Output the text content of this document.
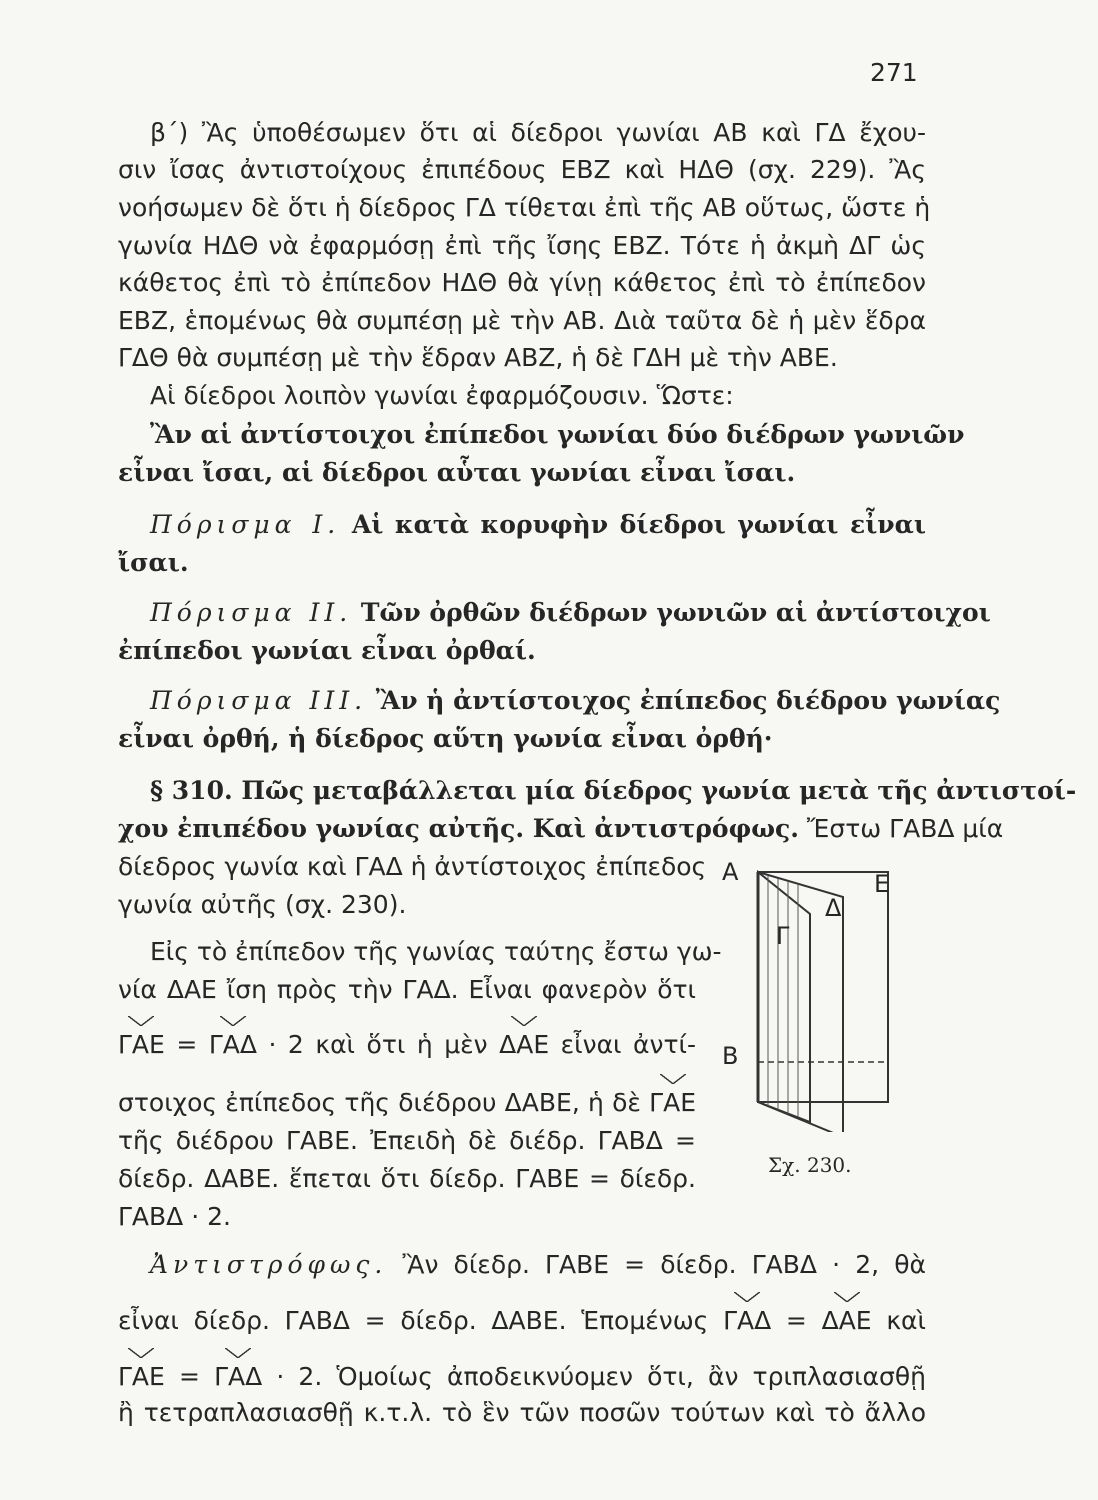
271
β΄) Ἂς ὑποθέσωμεν ὅτι αἱ δίεδροι γωνίαι ΑΒ καὶ ΓΔ ἔχου-
σιν ἴσας ἀντιστοίχους ἐπιπέδους ΕΒΖ καὶ ΗΔΘ (σχ. 229). Ἂς
νοήσωμεν δὲ ὅτι ἡ δίεδρος ΓΔ τίθεται ἐπὶ τῆς ΑΒ οὕτως, ὥστε ἡ
γωνία ΗΔΘ νὰ ἐφαρμόσῃ ἐπὶ τῆς ἴσης ΕΒΖ. Τότε ἡ ἀκμὴ ΔΓ ὡς
κάθετος ἐπὶ τὸ ἐπίπεδον ΗΔΘ θὰ γίνῃ κάθετος ἐπὶ τὸ ἐπίπεδον
ΕΒΖ, ἑπομένως θὰ συμπέσῃ μὲ τὴν ΑΒ. Διὰ ταῦτα δὲ ἡ μὲν ἕδρα
ΓΔΘ θὰ συμπέσῃ μὲ τὴν ἕδραν ΑΒΖ, ἡ δὲ ΓΔΗ μὲ τὴν ΑΒΕ.
Αἱ δίεδροι λοιπὸν γωνίαι ἐφαρμόζουσιν. Ὥστε:
Ἂν αἱ ἀντίστοιχοι ἐπίπεδοι γωνίαι δύο διέδρων γωνιῶν
εἶναι ἴσαι, αἱ δίεδροι αὗται γωνίαι εἶναι ἴσαι.
Πόρισμα Ι. Αἱ κατὰ κορυφὴν δίεδροι γωνίαι εἶναι
ἴσαι.
Πόρισμα ΙΙ. Τῶν ὀρθῶν διέδρων γωνιῶν αἱ ἀντίστοιχοι
ἐπίπεδοι γωνίαι εἶναι ὀρθαί.
Πόρισμα ΙΙΙ. Ἂν ἡ ἀντίστοιχος ἐπίπεδος διέδρου γωνίας
εἶναι ὀρθή, ἡ δίεδρος αὕτη γωνία εἶναι ὀρθή·
§ 310. Πῶς μεταβάλλεται μία δίεδρος γωνία μετὰ τῆς ἀντιστοί-
χου ἐπιπέδου γωνίας αὐτῆς. Καὶ ἀντιστρόφως. Ἔστω ΓΑΒΔ μία
δίεδρος γωνία καὶ ΓΑΔ ἡ ἀντίστοιχος ἐπίπεδος
γωνία αὐτῆς (σχ. 230).
Εἰς τὸ ἐπίπεδον τῆς γωνίας ταύτης ἔστω γω-
νία ΔΑΕ ἴση πρὸς τὴν ΓΑΔ. Εἶναι φανερὸν ὅτι
ΓΑΕ = ΓΑΔ · 2 καὶ ὅτι ἡ μὲν ΔΑΕ εἶναι ἀντί-
στοιχος ἐπίπεδος τῆς διέδρου ΔΑΒΕ, ἡ δὲ ΓΑΕ
τῆς διέδρου ΓΑΒΕ. Ἐπειδὴ δὲ διέδρ. ΓΑΒΔ =
δίεδρ. ΔΑΒΕ. ἕπεται ὅτι δίεδρ. ΓΑΒΕ = δίεδρ.
ΓΑΒΔ · 2.
Ἀντιστρόφως. Ἂν δίεδρ. ΓΑΒΕ = δίεδρ. ΓΑΒΔ · 2, θὰ
εἶναι δίεδρ. ΓΑΒΔ = δίεδρ. ΔΑΒΕ. Ἑπομένως ΓΑΔ = ΔΑΕ καὶ
ΓΑΕ = ΓΑΔ · 2. Ὁμοίως ἀποδεικνύομεν ὅτι, ἂν τριπλασιασθῇ
ἢ τετραπλασιασθῇ κ.τ.λ. τὸ ἓν τῶν ποσῶν τούτων καὶ τὸ ἄλλο
Α	Ε
Δ
Γ
Β
Σχ. 230.
